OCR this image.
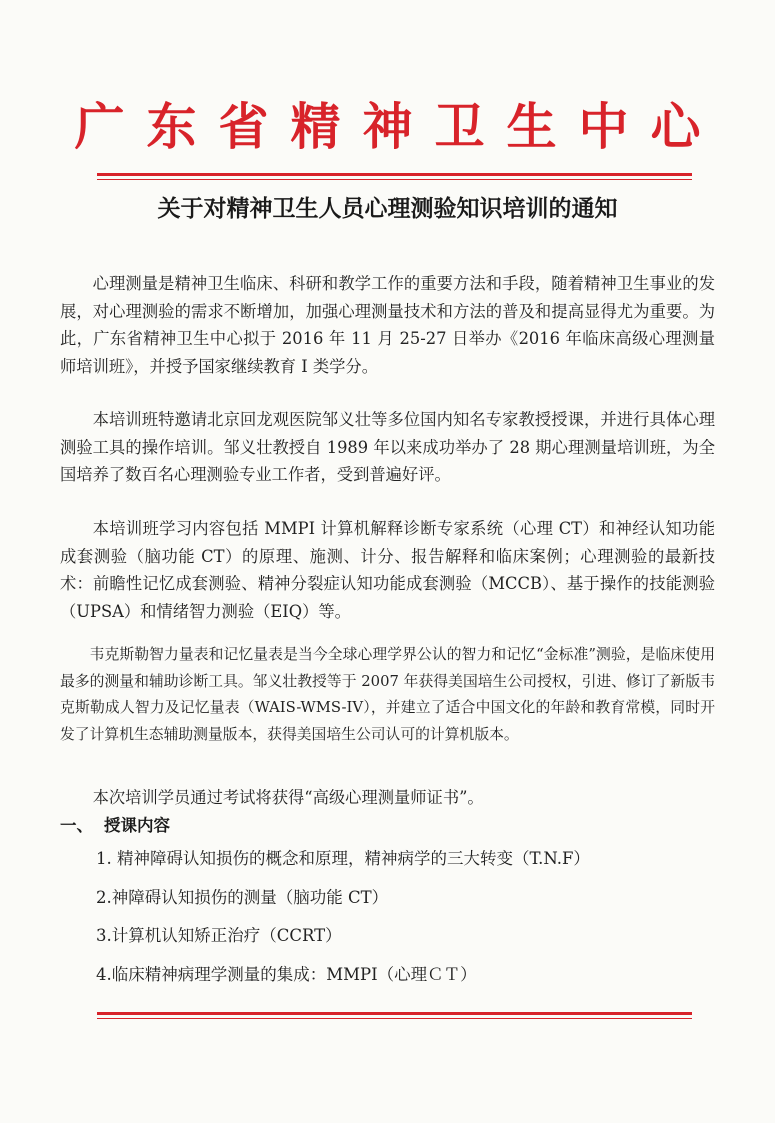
广东省精神卫生中心
关于对精神卫生人员心理测验知识培训的通知

心理测量是精神卫生临床、科研和教学工作的重要方法和手段，随着精神卫生事业的发展，对心理测验的需求不断增加，加强心理测量技术和方法的普及和提高显得尤为重要。为此，广东省精神卫生中心拟于 2016 年 11 月 25-27 日举办《2016 年临床高级心理测量师培训班》，并授予国家继续教育 I 类学分。

本培训班特邀请北京回龙观医院邹义壮等多位国内知名专家教授授课，并进行具体心理测验工具的操作培训。邹义壮教授自 1989 年以来成功举办了 28 期心理测量培训班，为全国培养了数百名心理测验专业工作者，受到普遍好评。

本培训班学习内容包括 MMPI 计算机解释诊断专家系统（心理 CT）和神经认知功能成套测验（脑功能 CT）的原理、施测、计分、报告解释和临床案例；心理测验的最新技术：前瞻性记忆成套测验、精神分裂症认知功能成套测验（MCCB）、基于操作的技能测验（UPSA）和情绪智力测验（EIQ）等。

韦克斯勒智力量表和记忆量表是当今全球心理学界公认的智力和记忆“金标准”测验，是临床使用最多的测量和辅助诊断工具。邹义壮教授等于 2007 年获得美国培生公司授权，引进、修订了新版韦克斯勒成人智力及记忆量表（WAIS-WMS-IV），并建立了适合中国文化的年龄和教育常模，同时开发了计算机生态辅助测量版本，获得美国培生公司认可的计算机版本。

本次培训学员通过考试将获得“高级心理测量师证书”。

一、 授课内容
1. 精神障碍认知损伤的概念和原理，精神病学的三大转变（T.N.F）
2.神障碍认知损伤的测量（脑功能 CT）
3.计算机认知矫正治疗（CCRT）
4.临床精神病理学测量的集成：MMPI（心理ＣＴ）
